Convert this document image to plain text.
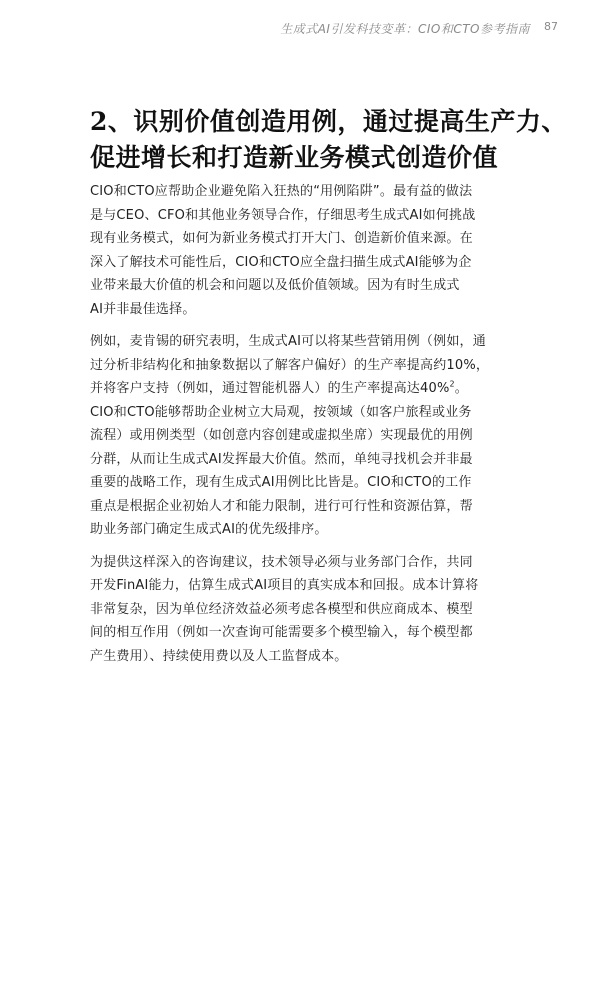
生成式AI引发科技变革：CIO和CTO参考指南 87
2、识别价值创造用例，通过提高生产力、
促进增长和打造新业务模式创造价值

CIO和CTO应帮助企业避免陷入狂热的“用例陷阱”。最有益的做法
是与CEO、CFO和其他业务领导合作，仔细思考生成式AI如何挑战
现有业务模式，如何为新业务模式打开大门、创造新价值来源。在
深入了解技术可能性后，CIO和CTO应全盘扫描生成式AI能够为企
业带来最大价值的机会和问题以及低价值领域。因为有时生成式
AI并非最佳选择。

例如，麦肯锡的研究表明，生成式AI可以将某些营销用例（例如，通
过分析非结构化和抽象数据以了解客户偏好）的生产率提高约10%，
并将客户支持（例如，通过智能机器人）的生产率提高达40%$^2$。
CIO和CTO能够帮助企业树立大局观，按领域（如客户旅程或业务
流程）或用例类型（如创意内容创建或虚拟坐席）实现最优的用例
分群，从而让生成式AI发挥最大价值。然而，单纯寻找机会并非最
重要的战略工作，现有生成式AI用例比比皆是。CIO和CTO的工作
重点是根据企业初始人才和能力限制，进行可行性和资源估算，帮
助业务部门确定生成式AI的优先级排序。

为提供这样深入的咨询建议，技术领导必须与业务部门合作，共同
开发FinAI能力，估算生成式AI项目的真实成本和回报。成本计算将
非常复杂，因为单位经济效益必须考虑各模型和供应商成本、模型
间的相互作用（例如一次查询可能需要多个模型输入，每个模型都
产生费用）、持续使用费以及人工监督成本。
